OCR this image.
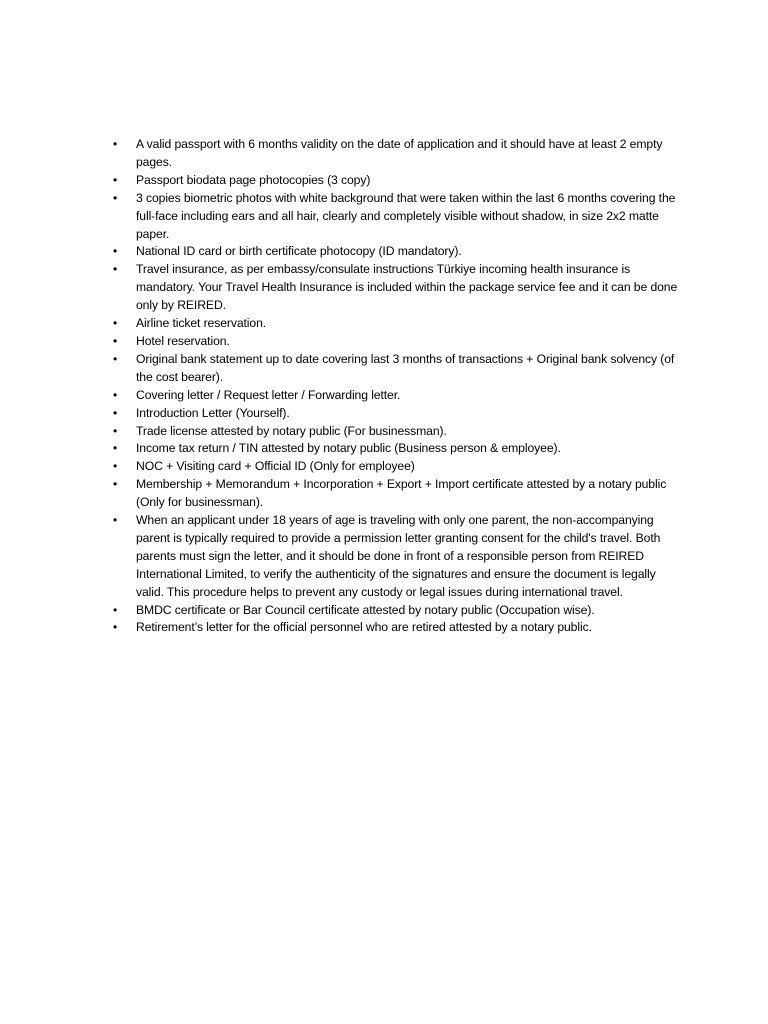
•	A valid passport with 6 months validity on the date of application and it should have at least 2 empty pages.
•	Passport biodata page photocopies (3 copy)
•	3 copies biometric photos with white background that were taken within the last 6 months covering the full-face including ears and all hair, clearly and completely visible without shadow, in size 2x2 matte paper.
•	National ID card or birth certificate photocopy (ID mandatory).
•	Travel insurance, as per embassy/consulate instructions Türkiye incoming health insurance is mandatory. Your Travel Health Insurance is included within the package service fee and it can be done only by REIRED.
•	Airline ticket reservation.
•	Hotel reservation.
•	Original bank statement up to date covering last 3 months of transactions + Original bank solvency (of the cost bearer).
•	Covering letter / Request letter / Forwarding letter.
•	Introduction Letter (Yourself).
•	Trade license attested by notary public (For businessman).
•	Income tax return / TIN attested by notary public (Business person & employee).
•	NOC + Visiting card + Official ID (Only for employee)
•	Membership + Memorandum + Incorporation + Export + Import certificate attested by a notary public (Only for businessman).
•	When an applicant under 18 years of age is traveling with only one parent, the non-accompanying parent is typically required to provide a permission letter granting consent for the child's travel. Both parents must sign the letter, and it should be done in front of a responsible person from REIRED International Limited, to verify the authenticity of the signatures and ensure the document is legally valid. This procedure helps to prevent any custody or legal issues during international travel.
•	BMDC certificate or Bar Council certificate attested by notary public (Occupation wise).
•	Retirement’s letter for the official personnel who are retired attested by a notary public.
